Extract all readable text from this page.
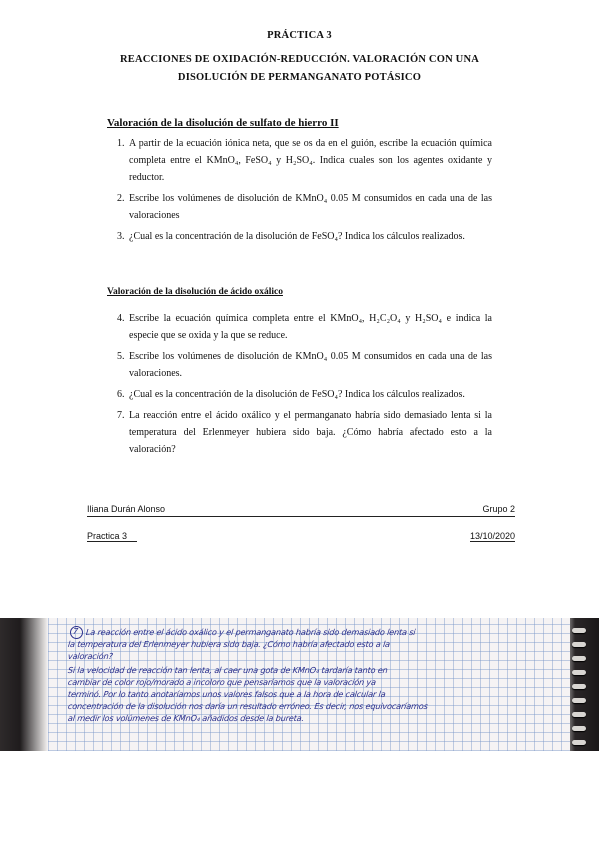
PRÁCTICA 3
REACCIONES DE OXIDACIÓN-REDUCCIÓN. VALORACIÓN CON UNA
DISOLUCIÓN DE PERMANGANATO POTÁSICO
Valoración de la disolución de sulfato de hierro II
1. A partir de la ecuación iónica neta, que se os da en el guión, escribe la ecuación química completa entre el KMnO₄, FeSO₄ y H₂SO₄. Indica cuales son los agentes oxidante y reductor.
2. Escribe los volúmenes de disolución de KMnO₄ 0.05 M consumidos en cada una de las valoraciones
3. ¿Cual es la concentración de la disolución de FeSO₄? Indica los cálculos realizados.
Valoración de la disolución de ácido oxálico
4. Escribe la ecuación química completa entre el KMnO₄, H₂C₂O₄ y H₂SO₄ e indica la especie que se oxida y la que se reduce.
5. Escribe los volúmenes de disolución de KMnO₄ 0.05 M consumidos en cada una de las valoraciones.
6. ¿Cual es la concentración de la disolución de FeSO₄? Indica los cálculos realizados.
7. La reacción entre el ácido oxálico y el permanganato habría sido demasiado lenta si la temperatura del Erlenmeyer hubiera sido baja. ¿Cómo habría afectado esto a la valoración?
Iliana Durán Alonso	Grupo 2
Practica 3	13/10/2020
7 La reacción entre el ácido oxálico y el permanganato habría sido demasiado lenta si
la temperatura del Erlenmeyer hubiera sido baja. ¿Cómo habría afectado esto a la
valoración?
Si la velocidad de reacción tan lenta, al caer una gota de KMnO₄ tardaría tanto en
cambiar de color rojo/morado a incoloro que pensaríamos que la valoración ya
terminó. Por lo tanto anotaríamos unos valores falsos que a la hora de calcular la
concentración de la disolución nos daría un resultado erróneo. Es decir, nos equivocaríamos
al medir los volúmenes de KMnO₄ añadidos desde la bureta.
